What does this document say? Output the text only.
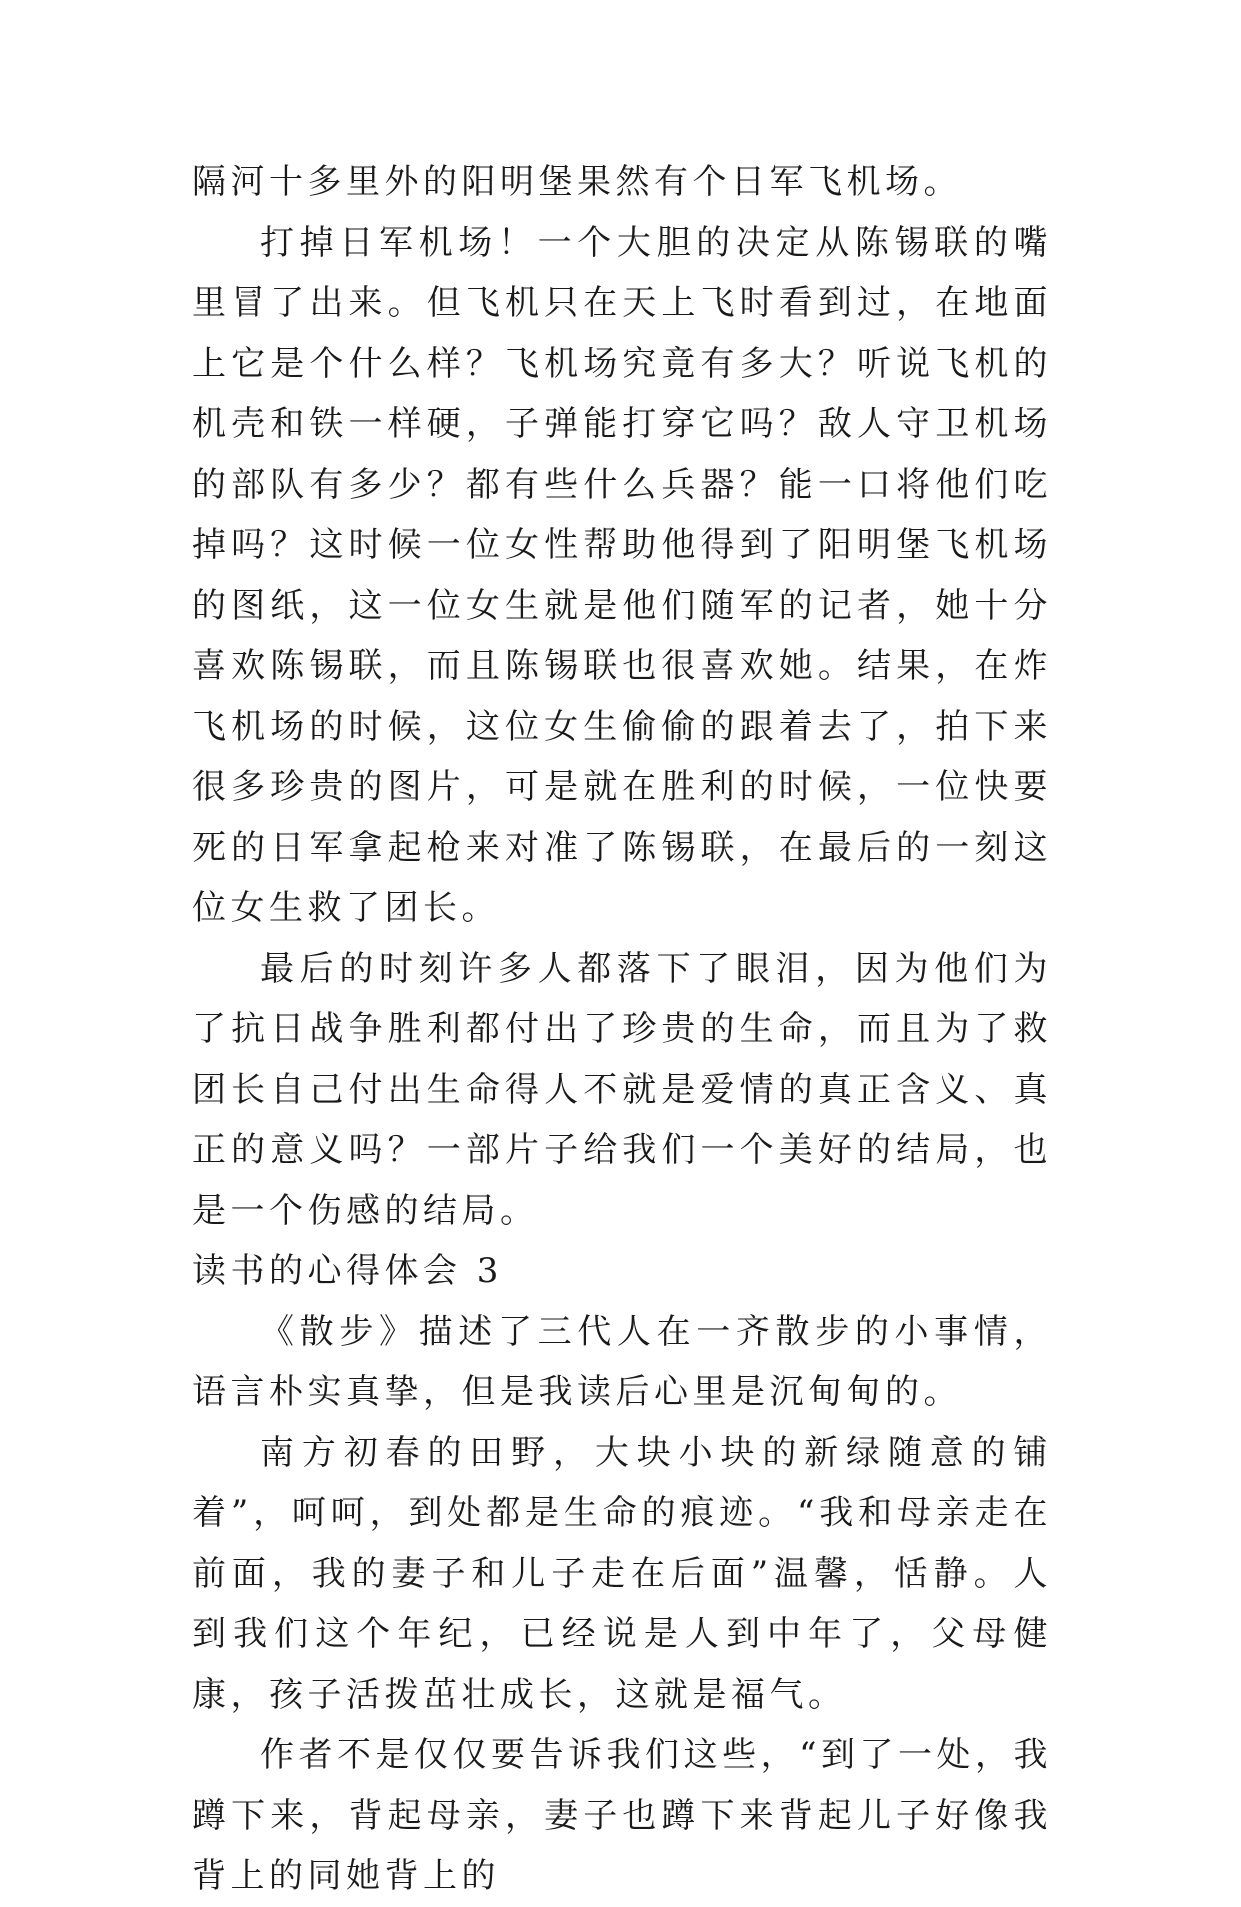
隔河十多里外的阳明堡果然有个日军飞机场。

打掉日军机场！一个大胆的决定从陈锡联的嘴里冒了出来。但飞机只在天上飞时看到过，在地面上它是个什么样？飞机场究竟有多大？听说飞机的机壳和铁一样硬，子弹能打穿它吗？敌人守卫机场的部队有多少？都有些什么兵器？能一口将他们吃掉吗？这时候一位女性帮助他得到了阳明堡飞机场的图纸，这一位女生就是他们随军的记者，她十分喜欢陈锡联，而且陈锡联也很喜欢她。结果，在炸飞机场的时候，这位女生偷偷的跟着去了，拍下来很多珍贵的图片，可是就在胜利的时候，一位快要死的日军拿起枪来对准了陈锡联，在最后的一刻这位女生救了团长。

最后的时刻许多人都落下了眼泪，因为他们为了抗日战争胜利都付出了珍贵的生命，而且为了救团长自己付出生命得人不就是爱情的真正含义、真正的意义吗？一部片子给我们一个美好的结局，也是一个伤感的结局。

读书的心得体会 3

《散步》描述了三代人在一齐散步的小事情，语言朴实真挚，但是我读后心里是沉甸甸的。

南方初春的田野，大块小块的新绿随意的铺着”，呵呵，到处都是生命的痕迹。“我和母亲走在前面，我的妻子和儿子走在后面”温馨，恬静。人到我们这个年纪，已经说是人到中年了，父母健康，孩子活拨茁壮成长，这就是福气。

作者不是仅仅要告诉我们这些，“到了一处，我蹲下来，背起母亲，妻子也蹲下来背起儿子好像我背上的同她背上的
